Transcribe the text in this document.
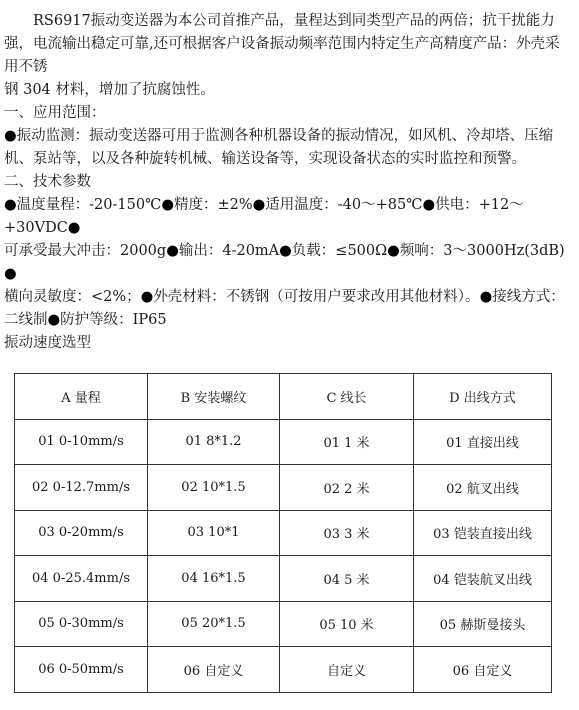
RS6917振动变送器为本公司首推产品，量程达到同类型产品的两倍；抗干扰能力强，电流输出稳定可靠,还可根据客户设备振动频率范围内特定生产高精度产品：外壳采用不锈

钢 304 材料，增加了抗腐蚀性。

一、应用范围：

●振动监测：振动变送器可用于监测各种机器设备的振动情况，如风机、冷却塔、压缩机、泵站等，以及各种旋转机械、输送设备等，实现设备状态的实时监控和预警。

二、技术参数

●温度量程：-20-150℃●精度：±2%●适用温度：-40～+85℃●供电：+12～+30VDC●

可承受最大冲击：2000g●输出：4-20mA●负载：≤500Ω●频响：3～3000Hz(3dB)
●

横向灵敏度：<2%；●外壳材料：不锈钢（可按用户要求改用其他材料）。●接线方式：

二线制●防护等级：IP65

振动速度选型

A 量程	B 安装螺纹	C 线长	D 出线方式
01 0-10mm/s	01 8*1.2	01 1 米	01 直接出线
02 0-12.7mm/s	02 10*1.5	02 2 米	02 航叉出线
03 0-20mm/s	03 10*1	03 3 米	03 铠装直接出线
04 0-25.4mm/s	04 16*1.5	04 5 米	04 铠装航叉出线
05 0-30mm/s	05 20*1.5	05 10 米	05 赫斯曼接头
06 0-50mm/s	06 自定义	自定义	06 自定义
